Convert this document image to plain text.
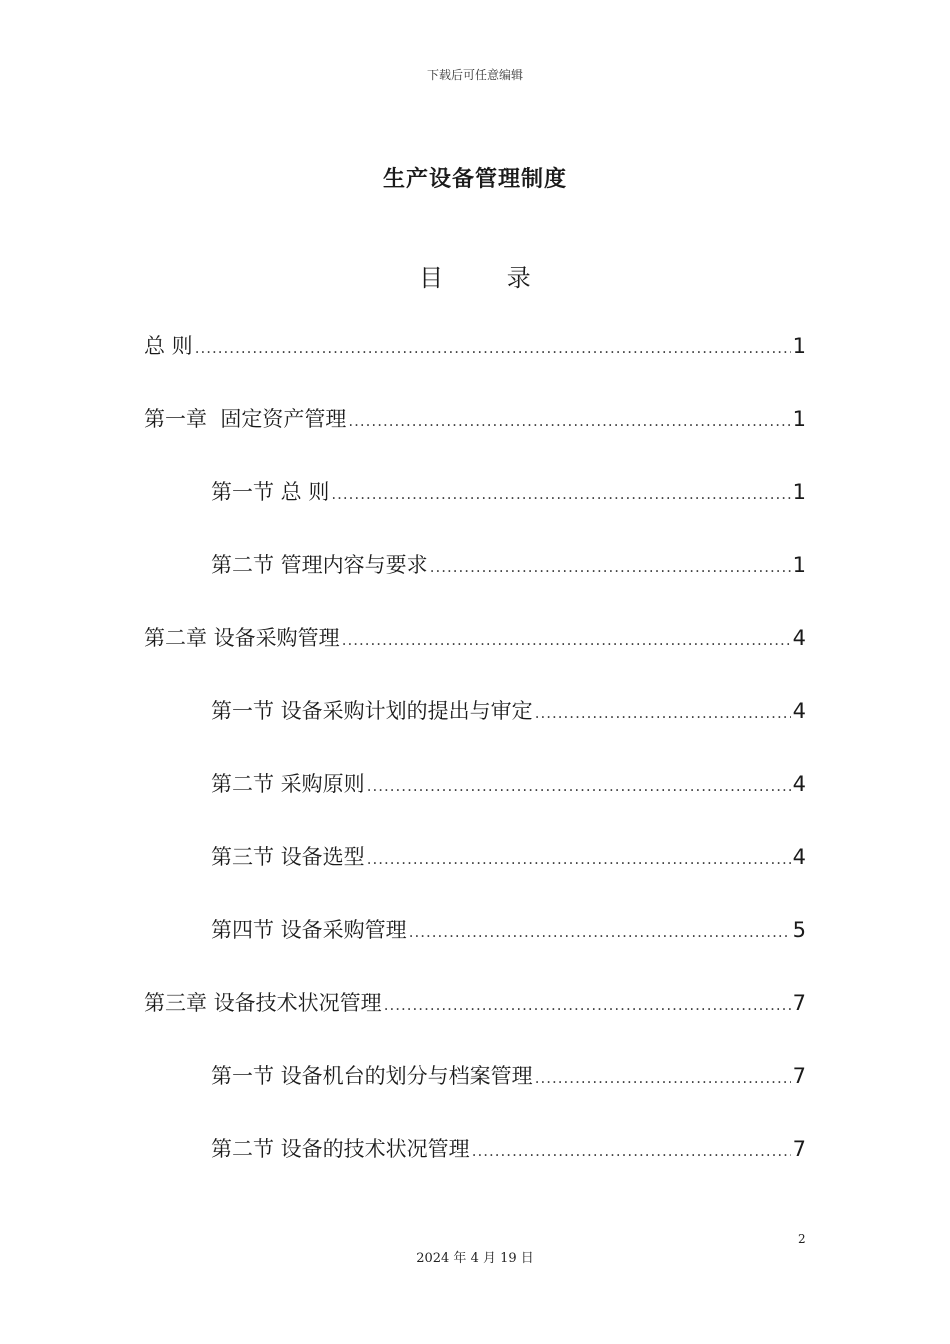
下载后可任意编辑
生产设备管理制度
目 录
总 则 .....	1
第一章  固定资产管理 .....	1
第一节 总 则 .....	1
第二节 管理内容与要求 .....	1
第二章 设备采购管理 .....	4
第一节 设备采购计划的提出与审定 .....	4
第二节 采购原则 .....	4
第三节 设备选型 .....	4
第四节 设备采购管理 .....	5
第三章 设备技术状况管理 .....	7
第一节 设备机台的划分与档案管理 .....	7
第二节 设备的技术状况管理 .....	7
2
2024 年 4 月 19 日
